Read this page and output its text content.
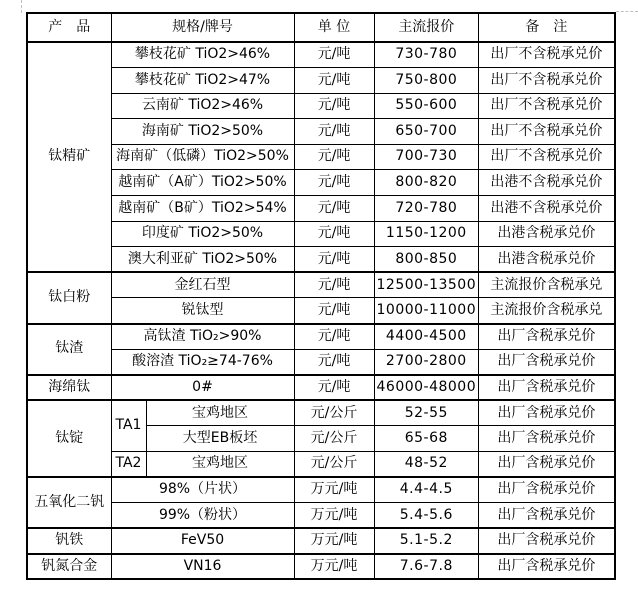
产　品	规格/牌号		单 位	主流报价	备　注
钛精矿	攀枝花矿 TiO2>46%		元/吨	730-780	出厂不含税承兑价
	攀枝花矿 TiO2>47%		元/吨	750-800	出厂不含税承兑价
	云南矿 TiO2>46%		元/吨	550-600	出厂不含税承兑价
	海南矿 TiO2>50%		元/吨	650-700	出厂不含税承兑价
	海南矿（低磷）TiO2>50%		元/吨	700-730	出厂不含税承兑价
	越南矿（A矿）TiO2>50%		元/吨	800-820	出港不含税承兑价
	越南矿（B矿）TiO2>54%		元/吨	720-780	出港不含税承兑价
	印度矿 TiO2>50%		元/吨	1150-1200	出港含税承兑价
	澳大利亚矿 TiO2>50%		元/吨	800-850	出港含税承兑价
钛白粉	金红石型		元/吨	12500-13500	主流报价含税承兑
	锐钛型		元/吨	10000-11000	主流报价含税承兑
钛渣	高钛渣 TiO₂>90%		元/吨	4400-4500	出厂含税承兑价
	酸溶渣 TiO₂≥74-76%		元/吨	2700-2800	出厂含税承兑价
海绵钛	0#		元/吨	46000-48000	出厂含税承兑价
钛锭	TA1	宝鸡地区	元/公斤	52-55	出厂含税承兑价
		大型EB板坯	元/公斤	65-68	出厂含税承兑价
	TA2	宝鸡地区	元/公斤	48-52	出厂含税承兑价
五氧化二钒	98%（片状）		万元/吨	4.4-4.5	出厂含税承兑价
	99%（粉状）		万元/吨	5.4-5.6	出厂含税承兑价
钒铁	FeV50		万元/吨	5.1-5.2	出厂含税承兑价
钒氮合金	VN16		万元/吨	7.6-7.8	出厂含税承兑价
